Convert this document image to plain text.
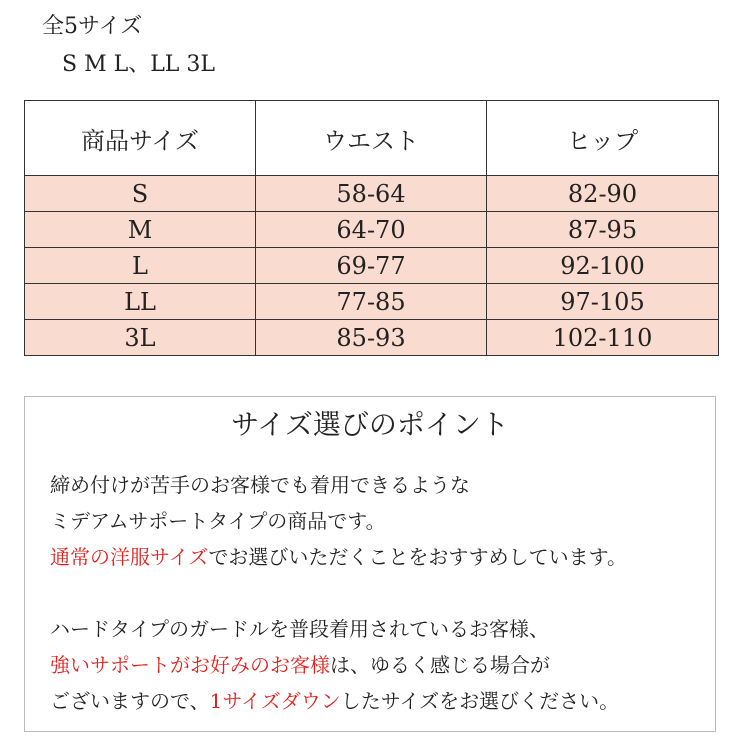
全5サイズ
S M L、LL 3L
商品サイズ	ウエスト	ヒップ
S	58-64	82-90
M	64-70	87-95
L	69-77	92-100
LL	77-85	97-105
3L	85-93	102-110
サイズ選びのポイント
締め付けが苦手のお客様でも着用できるような
ミデアムサポートタイプの商品です。
通常の洋服サイズでお選びいただくことをおすすめしています。
ハードタイプのガードルを普段着用されているお客様、
強いサポートがお好みのお客様は、ゆるく感じる場合が
ございますので、1サイズダウンしたサイズをお選びください。
